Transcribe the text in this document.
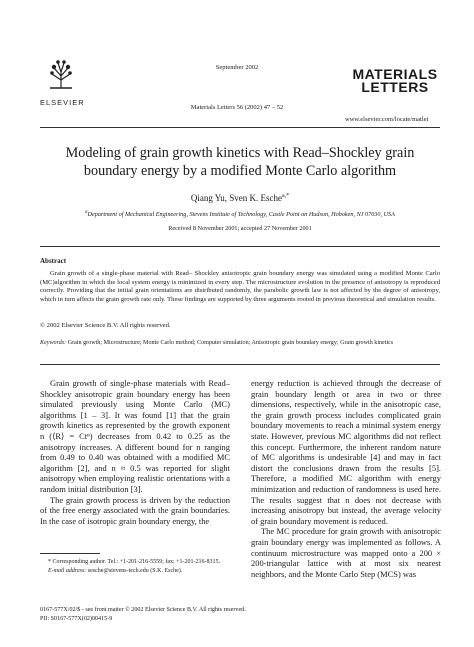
ELSEVIER
September 2002
Materials Letters 56 (2002) 47 – 52
MATERIALS
LETTERS
www.elsevier.com/locate/matlet
Modeling of grain growth kinetics with Read–Shockley grain
boundary energy by a modified Monte Carlo algorithm
Qiang Yu, Sven K. Esche$^{a,*}$
$^a$Department of Mechanical Engineering, Stevens Institute of Technology, Castle Point on Hudson, Hoboken, NJ 07030, USA
Received 8 November 2001; accepted 27 November 2001
Abstract
Grain growth of a single-phase material with Read– Shockley anisotropic grain boundary energy was simulated using a modified Monte Carlo (MC)algorithm in which the local system energy is minimized in every step. The microstructure evolution in the presence of anisotropy is reproduced correctly. Providing that the initial grain orientations are distributed randomly, the parabolic growth law is not affected by the degree of anisotropy, which in turn affects the grain growth rate only. These findings are supported by three arguments rooted in previous theoretical and simulation results.
© 2002 Elsevier Science B.V. All rights reserved.
Keywords: Grain growth; Microstructure; Monte Carlo method; Computer simulation; Anisotropic grain boundary energy; Grain growth kinetics

Grain growth of single-phase materials with Read– Shockley anisotropic grain boundary energy has been simulated previously using Monte Carlo (MC) algorithms [1 – 3]. It was found [1] that the grain growth kinetics as represented by the growth exponent n (⟨R⟩ = Ctⁿ) decreases from 0.42 to 0.25 as the anisotropy increases. A different bound for n ranging from 0.49 to 0.40 was obtained with a modified MC algorithm [2], and n ≈ 0.5 was reported for slight anisotropy when employing realistic orientations with a random initial distribution [3].

The grain growth process is driven by the reduction of the free energy associated with the grain boundaries. In the case of isotropic grain boundary energy, the

energy reduction is achieved through the decrease of grain boundary length or area in two or three dimensions, respectively, while in the anisotropic case, the grain growth process includes complicated grain boundary movements to reach a minimal system energy state. However, previous MC algorithms did not reflect this concept. Furthermore, the inherent random nature of MC algorithms is undesirable [4] and may in fact distort the conclusions drawn from the results [5]. Therefore, a modified MC algorithm with energy minimization and reduction of randomness is used here. The results suggest that n does not decrease with increasing anisotropy but instead, the average velocity of grain boundary movement is reduced.

The MC procedure for grain growth with anisotropic grain boundary energy was implemented as follows. A continuum microstructure was mapped onto a 200 × 200-triangular lattice with at most six nearest neighbors, and the Monte Carlo Step (MCS) was

* Corresponding author. Tel.: +1-201-216-5559; fax: +1-201-216-8315.

E-mail address: sesche@stevens-tech.edu (S.K. Esche).

0167-577X/02/$ - see front matter © 2002 Elsevier Science B.V. All rights reserved.
PII: S0167-577X(02)00415-9
